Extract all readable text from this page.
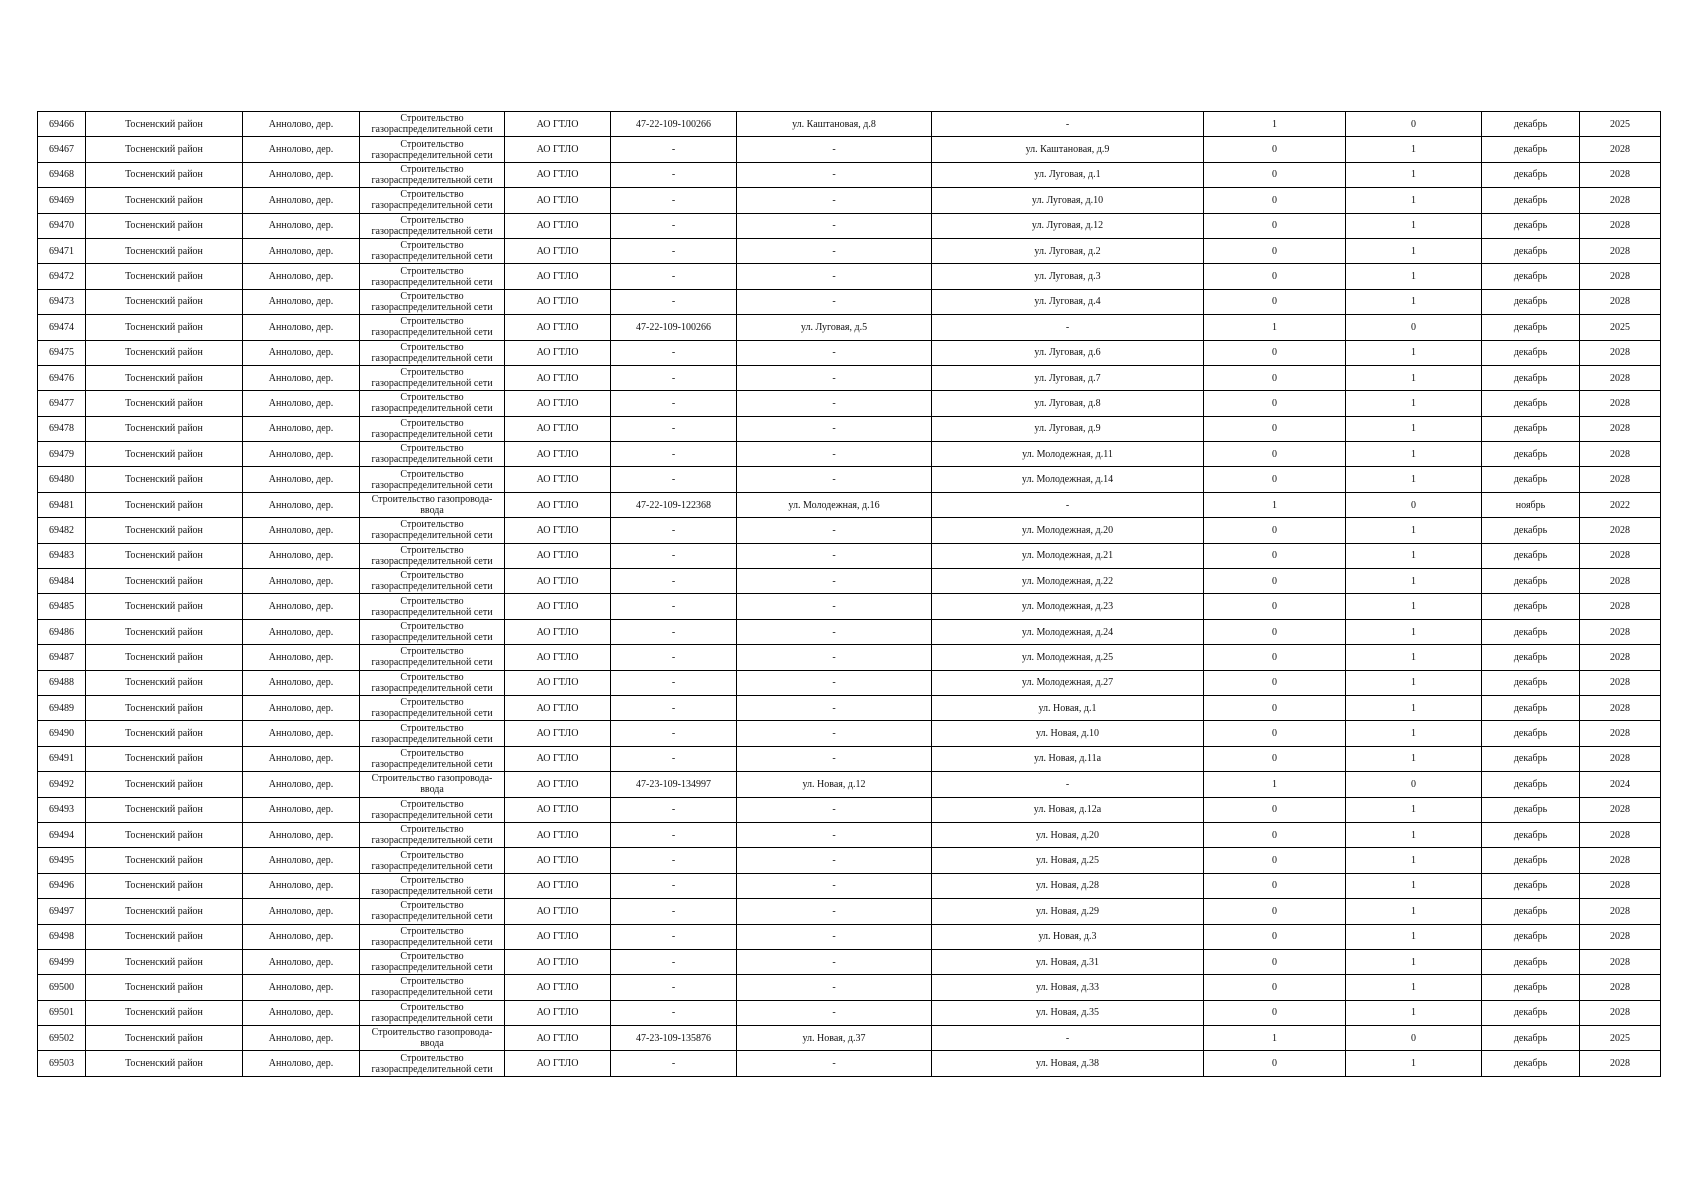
69466	Тосненский район	Аннолово, дер.	Строительство газораспределительной сети	АО ГТЛО	47-22-109-100266	ул. Каштановая, д.8	-	1	0	декабрь	2025
69467	Тосненский район	Аннолово, дер.	Строительство газораспределительной сети	АО ГТЛО	-	-	ул. Каштановая, д.9	0	1	декабрь	2028
69468	Тосненский район	Аннолово, дер.	Строительство газораспределительной сети	АО ГТЛО	-	-	ул. Луговая, д.1	0	1	декабрь	2028
69469	Тосненский район	Аннолово, дер.	Строительство газораспределительной сети	АО ГТЛО	-	-	ул. Луговая, д.10	0	1	декабрь	2028
69470	Тосненский район	Аннолово, дер.	Строительство газораспределительной сети	АО ГТЛО	-	-	ул. Луговая, д.12	0	1	декабрь	2028
69471	Тосненский район	Аннолово, дер.	Строительство газораспределительной сети	АО ГТЛО	-	-	ул. Луговая, д.2	0	1	декабрь	2028
69472	Тосненский район	Аннолово, дер.	Строительство газораспределительной сети	АО ГТЛО	-	-	ул. Луговая, д.3	0	1	декабрь	2028
69473	Тосненский район	Аннолово, дер.	Строительство газораспределительной сети	АО ГТЛО	-	-	ул. Луговая, д.4	0	1	декабрь	2028
69474	Тосненский район	Аннолово, дер.	Строительство газораспределительной сети	АО ГТЛО	47-22-109-100266	ул. Луговая, д.5	-	1	0	декабрь	2025
69475	Тосненский район	Аннолово, дер.	Строительство газораспределительной сети	АО ГТЛО	-	-	ул. Луговая, д.6	0	1	декабрь	2028
69476	Тосненский район	Аннолово, дер.	Строительство газораспределительной сети	АО ГТЛО	-	-	ул. Луговая, д.7	0	1	декабрь	2028
69477	Тосненский район	Аннолово, дер.	Строительство газораспределительной сети	АО ГТЛО	-	-	ул. Луговая, д.8	0	1	декабрь	2028
69478	Тосненский район	Аннолово, дер.	Строительство газораспределительной сети	АО ГТЛО	-	-	ул. Луговая, д.9	0	1	декабрь	2028
69479	Тосненский район	Аннолово, дер.	Строительство газораспределительной сети	АО ГТЛО	-	-	ул. Молодежная, д.11	0	1	декабрь	2028
69480	Тосненский район	Аннолово, дер.	Строительство газораспределительной сети	АО ГТЛО	-	-	ул. Молодежная, д.14	0	1	декабрь	2028
69481	Тосненский район	Аннолово, дер.	Строительство газопровода-ввода	АО ГТЛО	47-22-109-122368	ул. Молодежная, д.16	-	1	0	ноябрь	2022
69482	Тосненский район	Аннолово, дер.	Строительство газораспределительной сети	АО ГТЛО	-	-	ул. Молодежная, д.20	0	1	декабрь	2028
69483	Тосненский район	Аннолово, дер.	Строительство газораспределительной сети	АО ГТЛО	-	-	ул. Молодежная, д.21	0	1	декабрь	2028
69484	Тосненский район	Аннолово, дер.	Строительство газораспределительной сети	АО ГТЛО	-	-	ул. Молодежная, д.22	0	1	декабрь	2028
69485	Тосненский район	Аннолово, дер.	Строительство газораспределительной сети	АО ГТЛО	-	-	ул. Молодежная, д.23	0	1	декабрь	2028
69486	Тосненский район	Аннолово, дер.	Строительство газораспределительной сети	АО ГТЛО	-	-	ул. Молодежная, д.24	0	1	декабрь	2028
69487	Тосненский район	Аннолово, дер.	Строительство газораспределительной сети	АО ГТЛО	-	-	ул. Молодежная, д.25	0	1	декабрь	2028
69488	Тосненский район	Аннолово, дер.	Строительство газораспределительной сети	АО ГТЛО	-	-	ул. Молодежная, д.27	0	1	декабрь	2028
69489	Тосненский район	Аннолово, дер.	Строительство газораспределительной сети	АО ГТЛО	-	-	ул. Новая, д.1	0	1	декабрь	2028
69490	Тосненский район	Аннолово, дер.	Строительство газораспределительной сети	АО ГТЛО	-	-	ул. Новая, д.10	0	1	декабрь	2028
69491	Тосненский район	Аннолово, дер.	Строительство газораспределительной сети	АО ГТЛО	-	-	ул. Новая, д.11а	0	1	декабрь	2028
69492	Тосненский район	Аннолово, дер.	Строительство газопровода-ввода	АО ГТЛО	47-23-109-134997	ул. Новая, д.12	-	1	0	декабрь	2024
69493	Тосненский район	Аннолово, дер.	Строительство газораспределительной сети	АО ГТЛО	-	-	ул. Новая, д.12а	0	1	декабрь	2028
69494	Тосненский район	Аннолово, дер.	Строительство газораспределительной сети	АО ГТЛО	-	-	ул. Новая, д.20	0	1	декабрь	2028
69495	Тосненский район	Аннолово, дер.	Строительство газораспределительной сети	АО ГТЛО	-	-	ул. Новая, д.25	0	1	декабрь	2028
69496	Тосненский район	Аннолово, дер.	Строительство газораспределительной сети	АО ГТЛО	-	-	ул. Новая, д.28	0	1	декабрь	2028
69497	Тосненский район	Аннолово, дер.	Строительство газораспределительной сети	АО ГТЛО	-	-	ул. Новая, д.29	0	1	декабрь	2028
69498	Тосненский район	Аннолово, дер.	Строительство газораспределительной сети	АО ГТЛО	-	-	ул. Новая, д.3	0	1	декабрь	2028
69499	Тосненский район	Аннолово, дер.	Строительство газораспределительной сети	АО ГТЛО	-	-	ул. Новая, д.31	0	1	декабрь	2028
69500	Тосненский район	Аннолово, дер.	Строительство газораспределительной сети	АО ГТЛО	-	-	ул. Новая, д.33	0	1	декабрь	2028
69501	Тосненский район	Аннолово, дер.	Строительство газораспределительной сети	АО ГТЛО	-	-	ул. Новая, д.35	0	1	декабрь	2028
69502	Тосненский район	Аннолово, дер.	Строительство газопровода-ввода	АО ГТЛО	47-23-109-135876	ул. Новая, д.37	-	1	0	декабрь	2025
69503	Тосненский район	Аннолово, дер.	Строительство газораспределительной сети	АО ГТЛО	-	-	ул. Новая, д.38	0	1	декабрь	2028
